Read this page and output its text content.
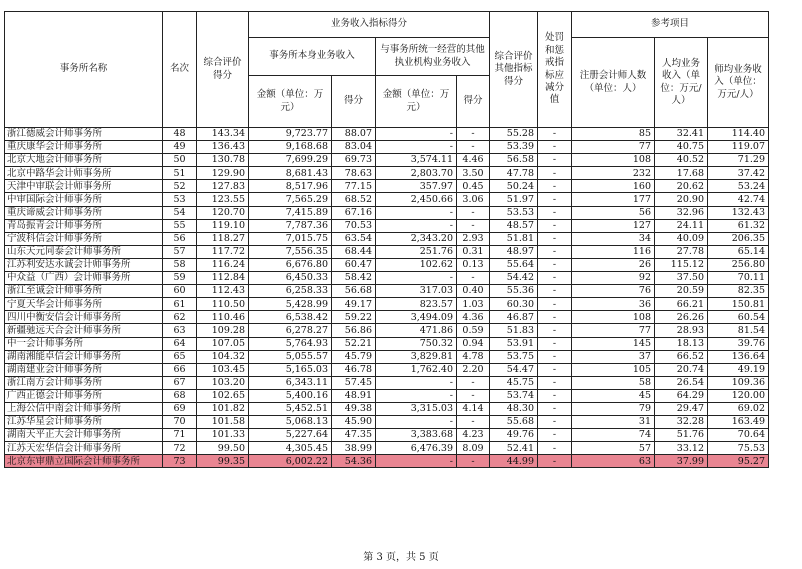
事务所名称	名次	综合评价得分	业务收入指标得分				综合评价其他指标得分	处罚和惩戒指标应减分值	参考项目		
			事务所本身业务收入		与事务所统一经营的其他执业机构业务收入				注册会计师人数（单位：人）	人均业务收入（单位：万元/人）	师均业务收入（单位：万元/人）
			金额（单位：万元）	得分	金额（单位：万元）	得分					
浙江德威会计师事务所	48	143.34	9,723.77	88.07	-	-	55.28	-	85	32.41	114.40
重庆康华会计师事务所	49	136.43	9,168.68	83.04	-	-	53.39	-	77	40.75	119.07
北京大地会计师事务所	50	130.78	7,699.29	69.73	3,574.11	4.46	56.58	-	108	40.52	71.29
北京中路华会计师事务所	51	129.90	8,681.43	78.63	2,803.70	3.50	47.78	-	232	17.68	37.42
天津中审联会计师事务所	52	127.83	8,517.96	77.15	357.97	0.45	50.24	-	160	20.62	53.24
中审国际会计师事务所	53	123.55	7,565.29	68.52	2,450.66	3.06	51.97	-	177	20.90	42.74
重庆谛威会计师事务所	54	120.70	7,415.89	67.16	-	-	53.53	-	56	32.96	132.43
青岛振青会计师事务所	55	119.10	7,787.36	70.53	-	-	48.57	-	127	24.11	61.32
宁波科信会计师事务所	56	118.27	7,015.75	63.54	2,343.20	2.93	51.81	-	34	40.09	206.35
山东天元同泰会计师事务所	57	117.72	7,556.35	68.44	251.76	0.31	48.97	-	116	27.78	65.14
江苏利安达永诚会计师事务所	58	116.24	6,676.80	60.47	102.62	0.13	55.64	-	26	115.12	256.80
中众益（广西）会计师事务所	59	112.84	6,450.33	58.42	-	-	54.42	-	92	37.50	70.11
浙江至诚会计师事务所	60	112.43	6,258.33	56.68	317.03	0.40	55.36	-	76	20.59	82.35
宁夏天华会计师事务所	61	110.50	5,428.99	49.17	823.57	1.03	60.30	-	36	66.21	150.81
四川中衡安信会计师事务所	62	110.46	6,538.42	59.22	3,494.09	4.36	46.87	-	108	26.26	60.54
新疆驰远天合会计师事务所	63	109.28	6,278.27	56.86	471.86	0.59	51.83	-	77	28.93	81.54
中一会计师事务所	64	107.05	5,764.93	52.21	750.32	0.94	53.91	-	145	18.13	39.76
湖南湘能卓信会计师事务所	65	104.32	5,055.57	45.79	3,829.81	4.78	53.75	-	37	66.52	136.64
湖南建业会计师事务所	66	103.45	5,165.03	46.78	1,762.40	2.20	54.47	-	105	20.74	49.19
浙江南方会计师事务所	67	103.20	6,343.11	57.45	-	-	45.75	-	58	26.54	109.36
广西正德会计师事务所	68	102.65	5,400.16	48.91	-	-	53.74	-	45	64.29	120.00
上海公信中南会计师事务所	69	101.82	5,452.51	49.38	3,315.03	4.14	48.30	-	79	29.47	69.02
江苏华星会计师事务所	70	101.58	5,068.13	45.90	-	-	55.68	-	31	32.28	163.49
湖南天平正大会计师事务所	71	101.33	5,227.64	47.35	3,383.68	4.23	49.76	-	74	51.76	70.64
江苏天宏华信会计师事务所	72	99.50	4,305.45	38.99	6,476.39	8.09	52.41	-	57	33.12	75.53
北京东审鼎立国际会计师事务所	73	99.35	6,002.22	54.36	-	-	44.99	-	63	37.99	95.27
第 3 页，共 5 页
